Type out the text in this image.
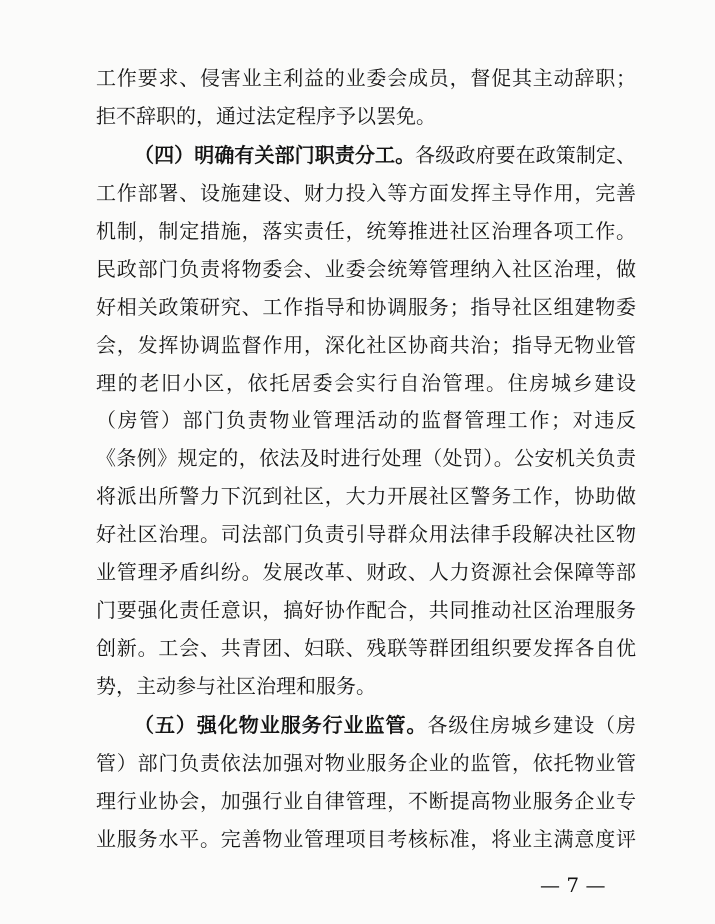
工作要求、侵害业主利益的业委会成员，督促其主动辞职；
拒不辞职的，通过法定程序予以罢免。
（四）明确有关部门职责分工。各级政府要在政策制定、
工作部署、设施建设、财力投入等方面发挥主导作用，完善
机制，制定措施，落实责任，统筹推进社区治理各项工作。
民政部门负责将物委会、业委会统筹管理纳入社区治理，做
好相关政策研究、工作指导和协调服务；指导社区组建物委
会，发挥协调监督作用，深化社区协商共治；指导无物业管
理的老旧小区，依托居委会实行自治管理。住房城乡建设
（房管）部门负责物业管理活动的监督管理工作；对违反
《条例》规定的，依法及时进行处理（处罚）。公安机关负责
将派出所警力下沉到社区，大力开展社区警务工作，协助做
好社区治理。司法部门负责引导群众用法律手段解决社区物
业管理矛盾纠纷。发展改革、财政、人力资源社会保障等部
门要强化责任意识，搞好协作配合，共同推动社区治理服务
创新。工会、共青团、妇联、残联等群团组织要发挥各自优
势，主动参与社区治理和服务。
（五）强化物业服务行业监管。各级住房城乡建设（房
管）部门负责依法加强对物业服务企业的监管，依托物业管
理行业协会，加强行业自律管理，不断提高物业服务企业专
业服务水平。完善物业管理项目考核标准，将业主满意度评
— 7 —
